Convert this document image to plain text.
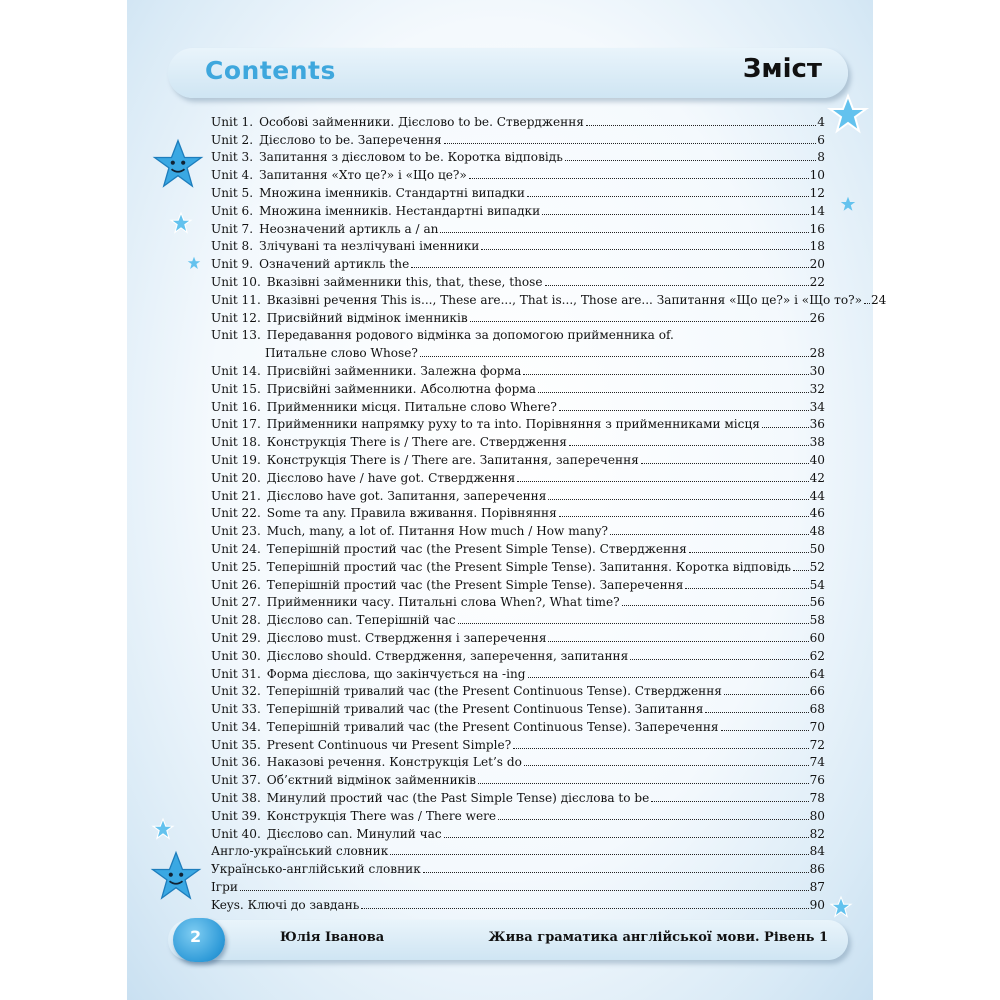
Contents	Зміст
Unit 1. Особові займенники. Дієслово to be. Ствердження	4
Unit 2. Дієслово to be. Заперечення	6
Unit 3. Запитання з дієсловом to be. Коротка відповідь	8
Unit 4. Запитання «Хто це?» і «Що це?»	10
Unit 5. Множина іменників. Стандартні випадки	12
Unit 6. Множина іменників. Нестандартні випадки	14
Unit 7. Неозначений артикль a / an	16
Unit 8. Злічувані та незлічувані іменники	18
Unit 9. Означений артикль the	20
Unit 10. Вказівні займенники this, that, these, those	22
Unit 11. Вказівні речення This is..., These are..., That is..., Those are... Запитання «Що це?» і «Що то?» 24
Unit 12. Присвійний відмінок іменників	26
Unit 13. Передавання родового відмінка за допомогою прийменника of.
Питальне слово Whose?	28
Unit 14. Присвійні займенники. Залежна форма	30
Unit 15. Присвійні займенники. Абсолютна форма	32
Unit 16. Прийменники місця. Питальне слово Where?	34
Unit 17. Прийменники напрямку руху to та into. Порівняння з прийменниками місця	36
Unit 18. Конструкція There is / There are. Ствердження	38
Unit 19. Конструкція There is / There are. Запитання, заперечення	40
Unit 20. Дієслово have / have got. Ствердження	42
Unit 21. Дієслово have got. Запитання, заперечення	44
Unit 22. Some та any. Правила вживання. Порівняння	46
Unit 23. Much, many, a lot of. Питання How much / How many?	48
Unit 24. Теперішній простий час (the Present Simple Tense). Ствердження	50
Unit 25. Теперішній простий час (the Present Simple Tense). Запитання. Коротка відповідь 52
Unit 26. Теперішній простий час (the Present Simple Tense). Заперечення	54
Unit 27. Прийменники часу. Питальні слова When?, What time?	56
Unit 28. Дієслово can. Теперішній час	58
Unit 29. Дієслово must. Ствердження і заперечення	60
Unit 30. Дієслово should. Ствердження, заперечення, запитання	62
Unit 31. Форма дієслова, що закінчується на -ing	64
Unit 32. Теперішній тривалий час (the Present Continuous Tense). Ствердження	66
Unit 33. Теперішній тривалий час (the Present Continuous Tense). Запитання	68
Unit 34. Теперішній тривалий час (the Present Continuous Tense). Заперечення	70
Unit 35. Present Continuous чи Present Simple?	72
Unit 36. Наказові речення. Конструкція Let’s do	74
Unit 37. Об’єктний відмінок займенників	76
Unit 38. Минулий простий час (the Past Simple Tense) дієслова to be	78
Unit 39. Конструкція There was / There were	80
Unit 40. Дієслово can. Минулий час	82
Англо-український словник	84
Українсько-англійський словник	86
Ігри	87
Keys. Ключі до завдань	90
2	Юлія Іванова	Жива граматика англійської мови. Рівень 1
